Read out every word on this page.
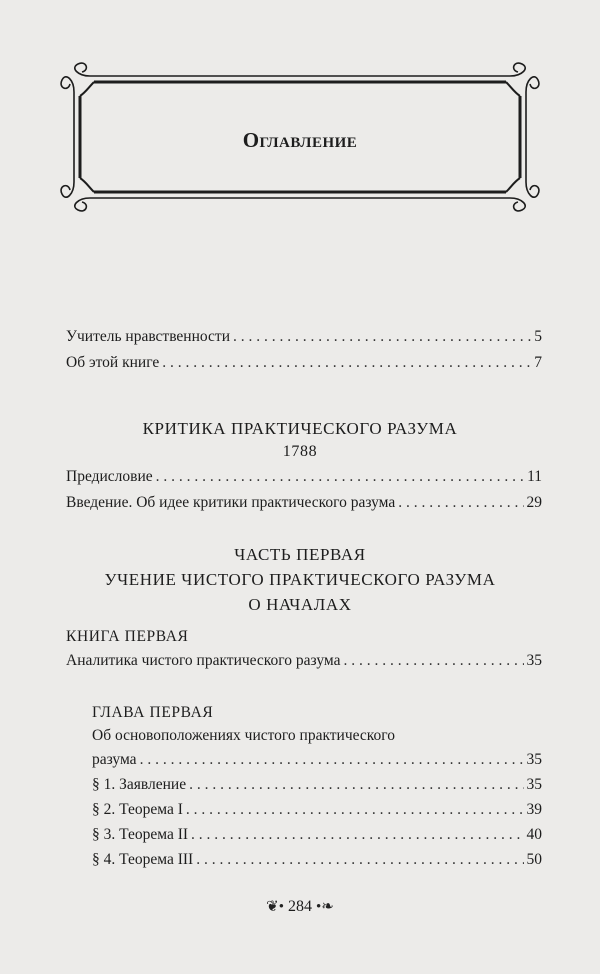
Оглавление
Учитель нравственности . . .	5
Об этой книге . . .	7
КРИТИКА ПРАКТИЧЕСКОГО РАЗУМА
1788
Предисловие . . .	11
Введение. Об идее критики практического разума . . .	29
ЧАСТЬ ПЕРВАЯ
УЧЕНИЕ ЧИСТОГО ПРАКТИЧЕСКОГО РАЗУМА
О НАЧАЛАХ
КНИГА ПЕРВАЯ
Аналитика чистого практического разума . . .	35
ГЛАВА ПЕРВАЯ
Об основоположениях чистого практического
разума . . .	35
§ 1. Заявление . . .	35
§ 2. Теорема I . . .	39
§ 3. Теорема II . . .	40
§ 4. Теорема III . . .	50
❦• 284 •❧
